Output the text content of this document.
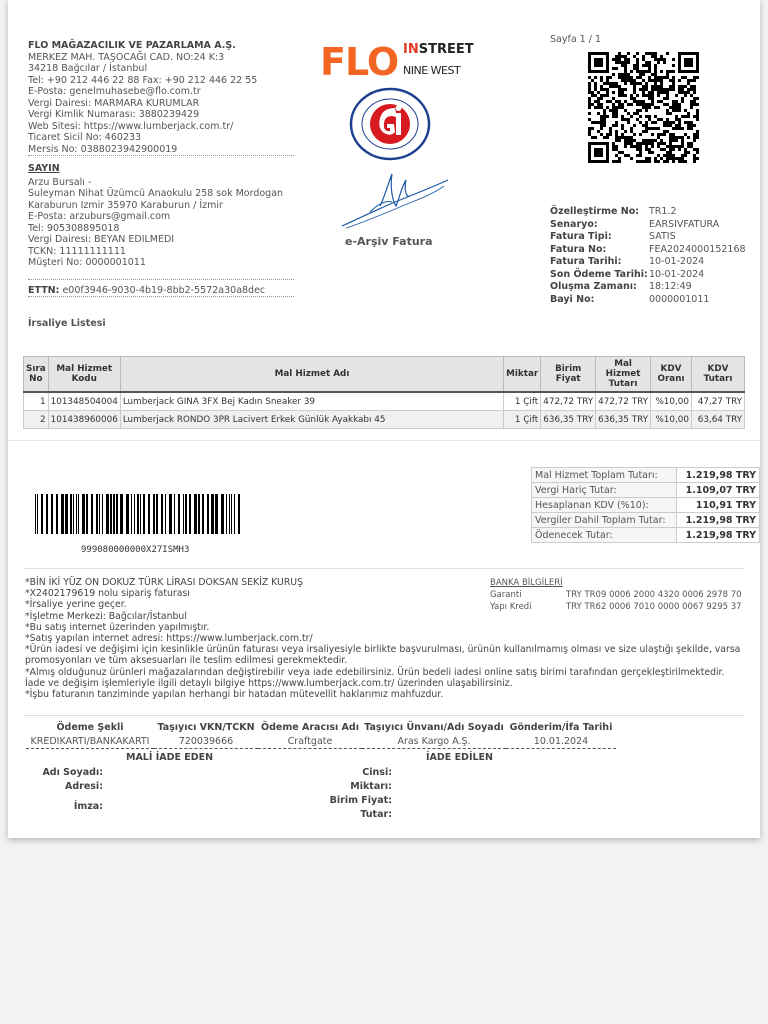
FLO MAĞAZACILIK VE PAZARLAMA A.Ş.
MERKEZ MAH. TAŞOCAĞI CAD. NO:24 K:3
34218 Bağcılar / İstanbul
Tel: +90 212 446 22 88 Fax: +90 212 446 22 55
E-Posta: genelmuhasebe@flo.com.tr
Vergi Dairesi: MARMARA KURUMLAR
Vergi Kimlik Numarası: 3880239429
Web Sitesi: https://www.lumberjack.com.tr/
Ticaret Sicil No: 460233
Mersis No: 0388023942900019
SAYIN
Arzu Bursalı -
Suleyman Nihat Üzümcü Anaokulu 258 sok Mordogan
Karaburun Izmir 35970 Karaburun / İzmir
E-Posta: arzuburs@gmail.com
Tel: 905308895018
Vergi Dairesi: BEYAN EDILMEDI
TCKN: 11111111111
Müşteri No: 0000001011
ETTN: e00f3946-9030-4b19-8bb2-5572a30a8dec
İrsaliye Listesi
FLO INSTREET
NINE WEST
e-Arşiv Fatura
Sayfa 1 / 1
Özelleştirme No:	TR1.2
Senaryo:	EARSIVFATURA
Fatura Tipi:	SATIS
Fatura No:	FEA2024000152168
Fatura Tarihi:	10-01-2024
Son Ödeme Tarihi:	10-01-2024
Oluşma Zamanı:	18:12:49
Bayi No:	0000001011
Sıra No	Mal Hizmet Kodu	Mal Hizmet Adı	Miktar	Birim Fiyat	Mal Hizmet Tutarı	KDV Oranı	KDV Tutarı
1	101348504004	Lumberjack GINA 3FX Bej Kadın Sneaker 39	1 Çift	472,72 TRY	472,72 TRY	%10,00	47,27 TRY
2	101438960006	Lumberjack RONDO 3PR Lacivert Erkek Günlük Ayakkabı 45	1 Çift	636,35 TRY	636,35 TRY	%10,00	63,64 TRY
Mal Hizmet Toplam Tutarı:	1.219,98 TRY
Vergi Hariç Tutar:	1.109,07 TRY
Hesaplanan KDV (%10):	110,91 TRY
Vergiler Dahil Toplam Tutar:	1.219,98 TRY
Ödenecek Tutar:	1.219,98 TRY
999080000000X27ISMH3
*BİN İKİ YÜZ ON DOKUZ TÜRK LİRASI DOKSAN SEKİZ KURUŞ
*X2402179619 nolu sipariş faturası
*İrsaliye yerine geçer.
*İşletme Merkezi: Bağcılar/İstanbul
*Bu satış internet üzerinden yapılmıştır.
*Satış yapılan internet adresi: https://www.lumberjack.com.tr/
*Ürün iadesi ve değişimi için kesinlikle ürünün faturası veya irsaliyesiyle birlikte başvurulması, ürünün kullanılmamış olması ve size ulaştığı şekilde, varsa promosyonları ve tüm aksesuarları ile teslim edilmesi gerekmektedir.
*Almış olduğunuz ürünleri mağazalarından değiştirebilir veya iade edebilirsiniz. Ürün bedeli iadesi online satış birimi tarafından gerçekleştirilmektedir.
İade ve değişim işlemleriyle ilgili detaylı bilgiye https://www.lumberjack.com.tr/ üzerinden ulaşabilirsiniz.
*İşbu faturanın tanziminde yapılan herhangi bir hatadan mütevellit haklarımız mahfuzdur.
BANKA BİLGİLERİ
Garanti	TRY TR09 0006 2000 4320 0006 2978 70
Yapı Kredi	TRY TR62 0006 7010 0000 0067 9295 37
Ödeme Şekli	Taşıyıcı VKN/TCKN	Ödeme Aracısı Adı	Taşıyıcı Ünvanı/Adı Soyadı	Gönderim/İfa Tarihi
KREDIKARTI/BANKAKARTI	720039666	Craftgate	Aras Kargo A.Ş.	10.01.2024
MALİ İADE EDEN	İADE EDİLEN
Adı Soyadı:
Adresi:
İmza:
Cinsi:
Miktarı:
Birim Fiyat:
Tutar:
